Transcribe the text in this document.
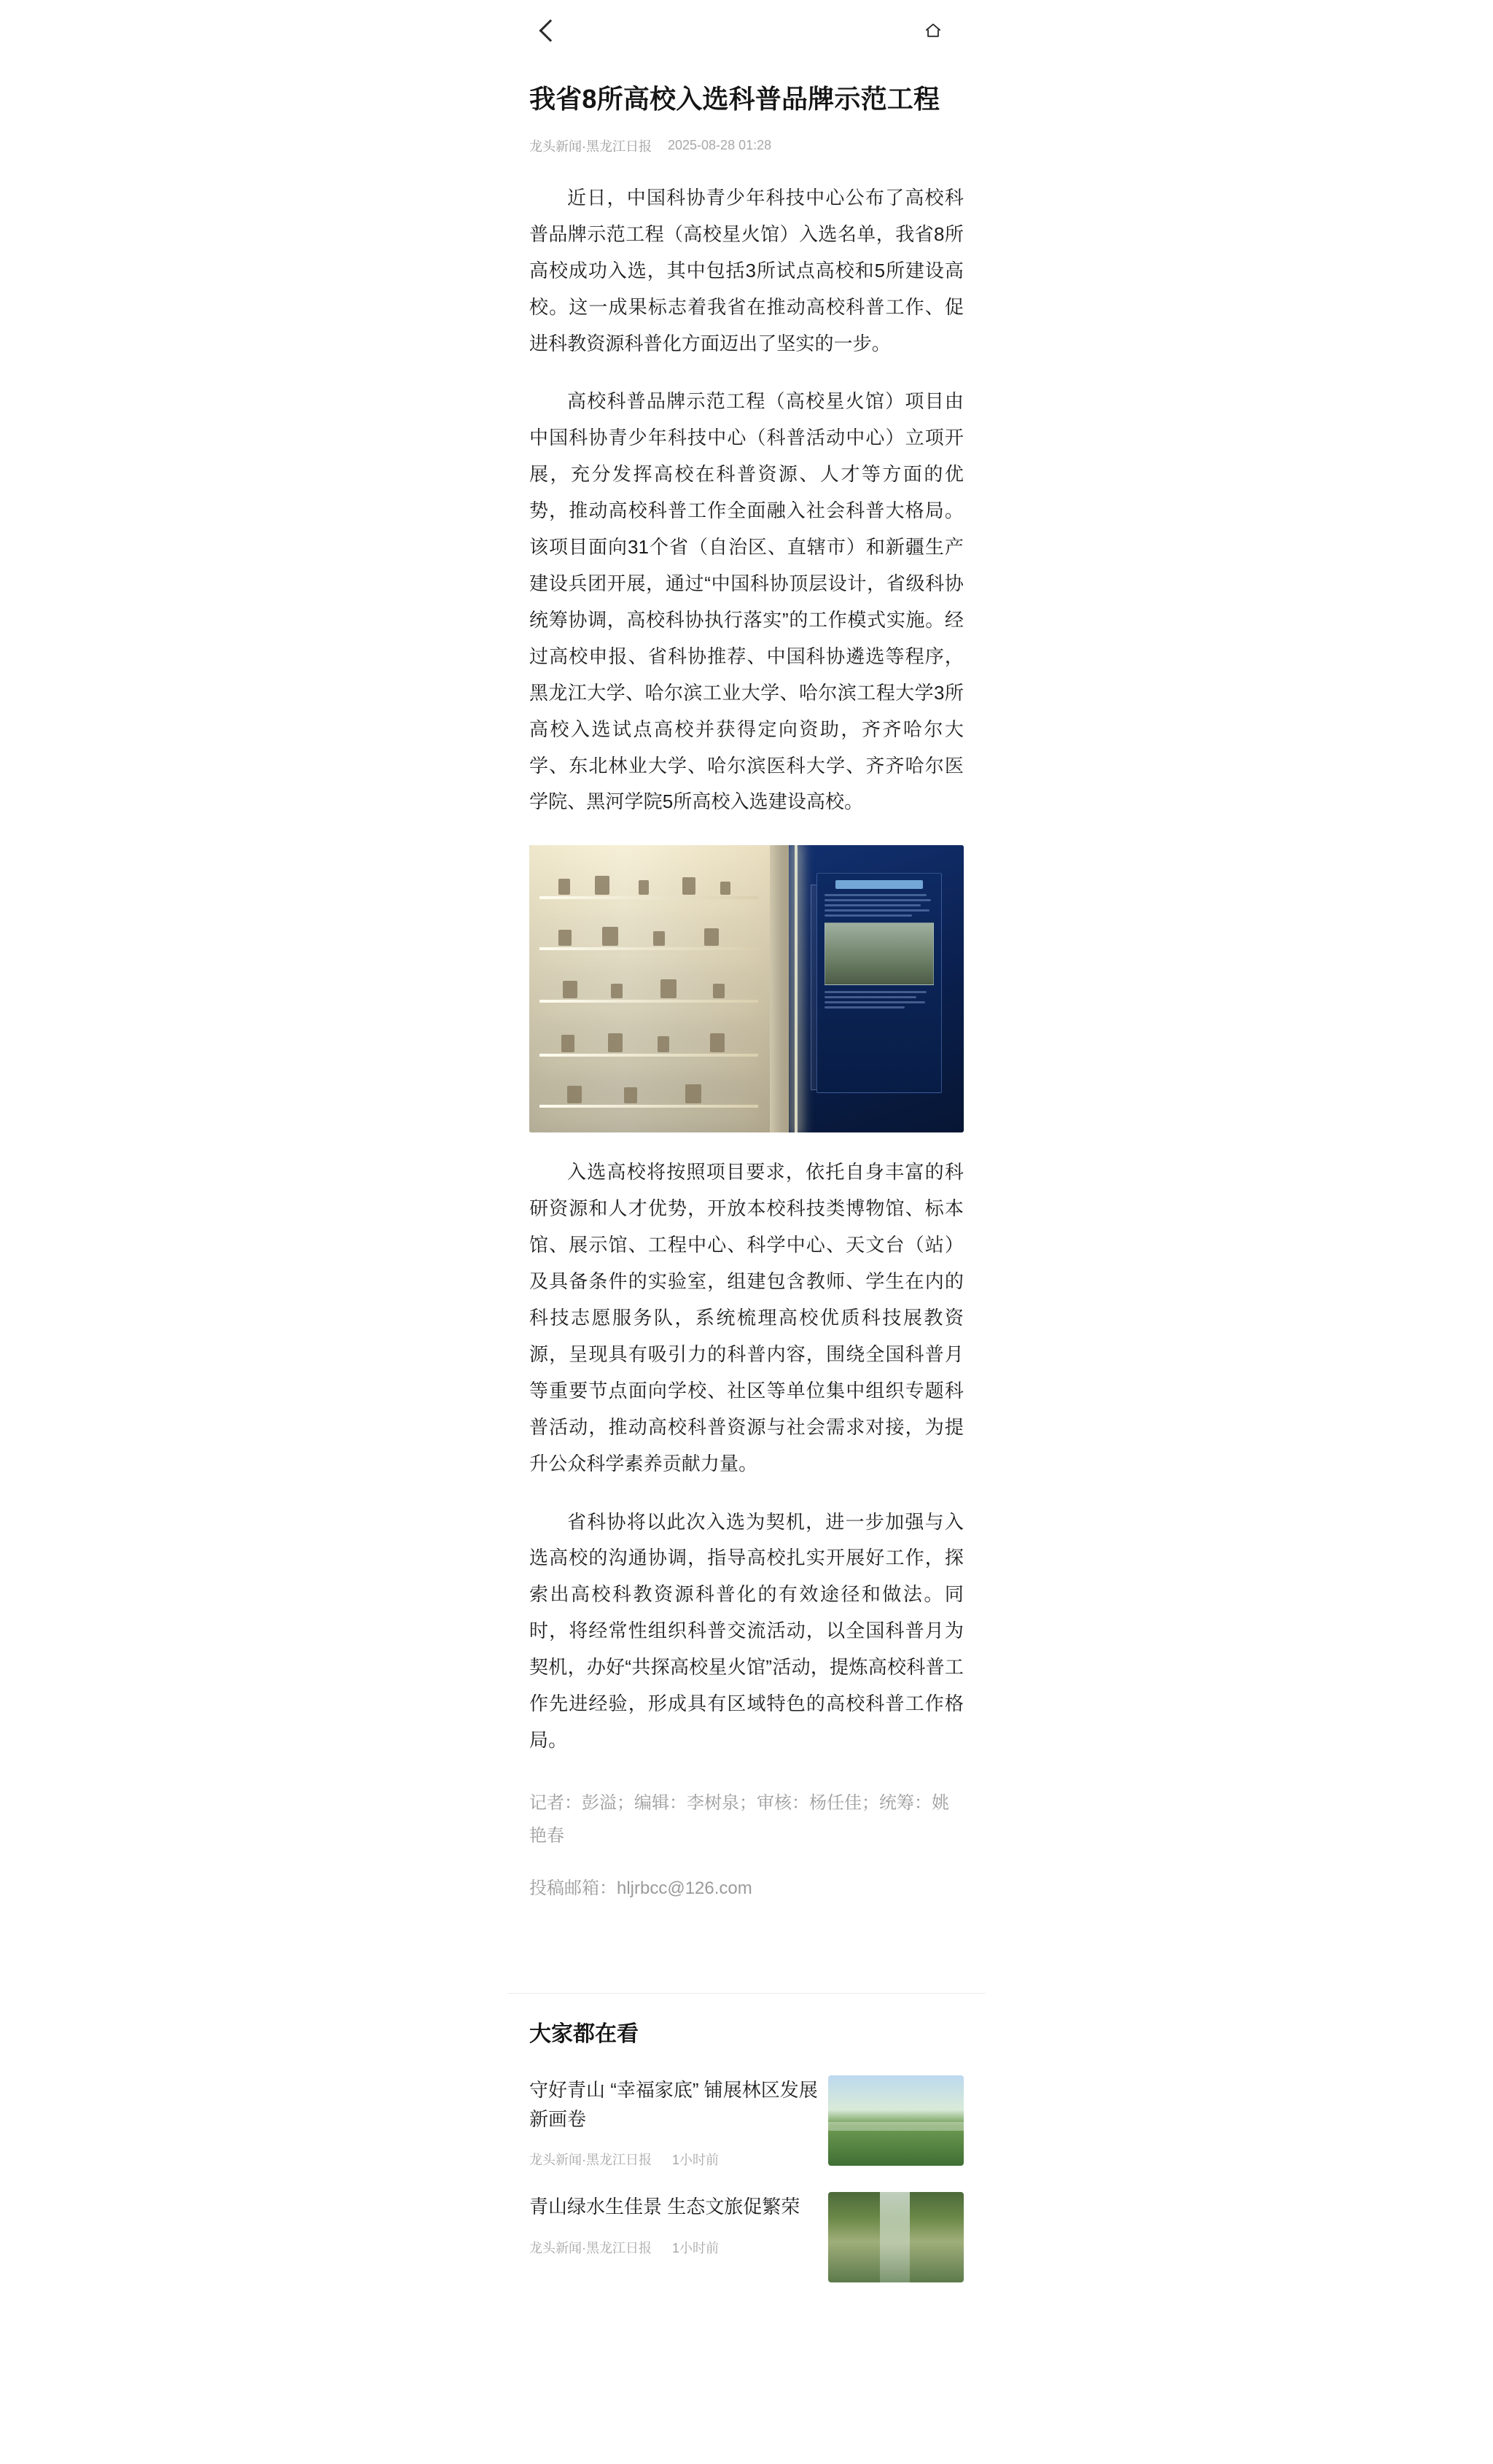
我省8所高校入选科普品牌示范工程
龙头新闻·黑龙江日报 2025-08-28 01:28

近日，中国科协青少年科技中心公布了高校科普品牌示范工程（高校星火馆）入选名单，我省8所高校成功入选，其中包括3所试点高校和5所建设高校。这一成果标志着我省在推动高校科普工作、促进科教资源科普化方面迈出了坚实的一步。

高校科普品牌示范工程（高校星火馆）项目由中国科协青少年科技中心（科普活动中心）立项开展，充分发挥高校在科普资源、人才等方面的优势，推动高校科普工作全面融入社会科普大格局。该项目面向31个省（自治区、直辖市）和新疆生产建设兵团开展，通过“中国科协顶层设计，省级科协统筹协调，高校科协执行落实”的工作模式实施。经过高校申报、省科协推荐、中国科协遴选等程序，黑龙江大学、哈尔滨工业大学、哈尔滨工程大学3所高校入选试点高校并获得定向资助，齐齐哈尔大学、东北林业大学、哈尔滨医科大学、齐齐哈尔医学院、黑河学院5所高校入选建设高校。

入选高校将按照项目要求，依托自身丰富的科研资源和人才优势，开放本校科技类博物馆、标本馆、展示馆、工程中心、科学中心、天文台（站）及具备条件的实验室，组建包含教师、学生在内的科技志愿服务队，系统梳理高校优质科技展教资源，呈现具有吸引力的科普内容，围绕全国科普月等重要节点面向学校、社区等单位集中组织专题科普活动，推动高校科普资源与社会需求对接，为提升公众科学素养贡献力量。

省科协将以此次入选为契机，进一步加强与入选高校的沟通协调，指导高校扎实开展好工作，探索出高校科教资源科普化的有效途径和做法。同时，将经常性组织科普交流活动，以全国科普月为契机，办好“共探高校星火馆”活动，提炼高校科普工作先进经验，形成具有区域特色的高校科普工作格局。

记者：彭溢；编辑：李树泉；审核：杨任佳；统筹：姚艳春
投稿邮箱：hljrbcc@126.com
大家都在看
守好青山 “幸福家底” 铺展林区发展新画卷
龙头新闻·黑龙江日报 1小时前
青山绿水生佳景 生态文旅促繁荣
龙头新闻·黑龙江日报 1小时前
